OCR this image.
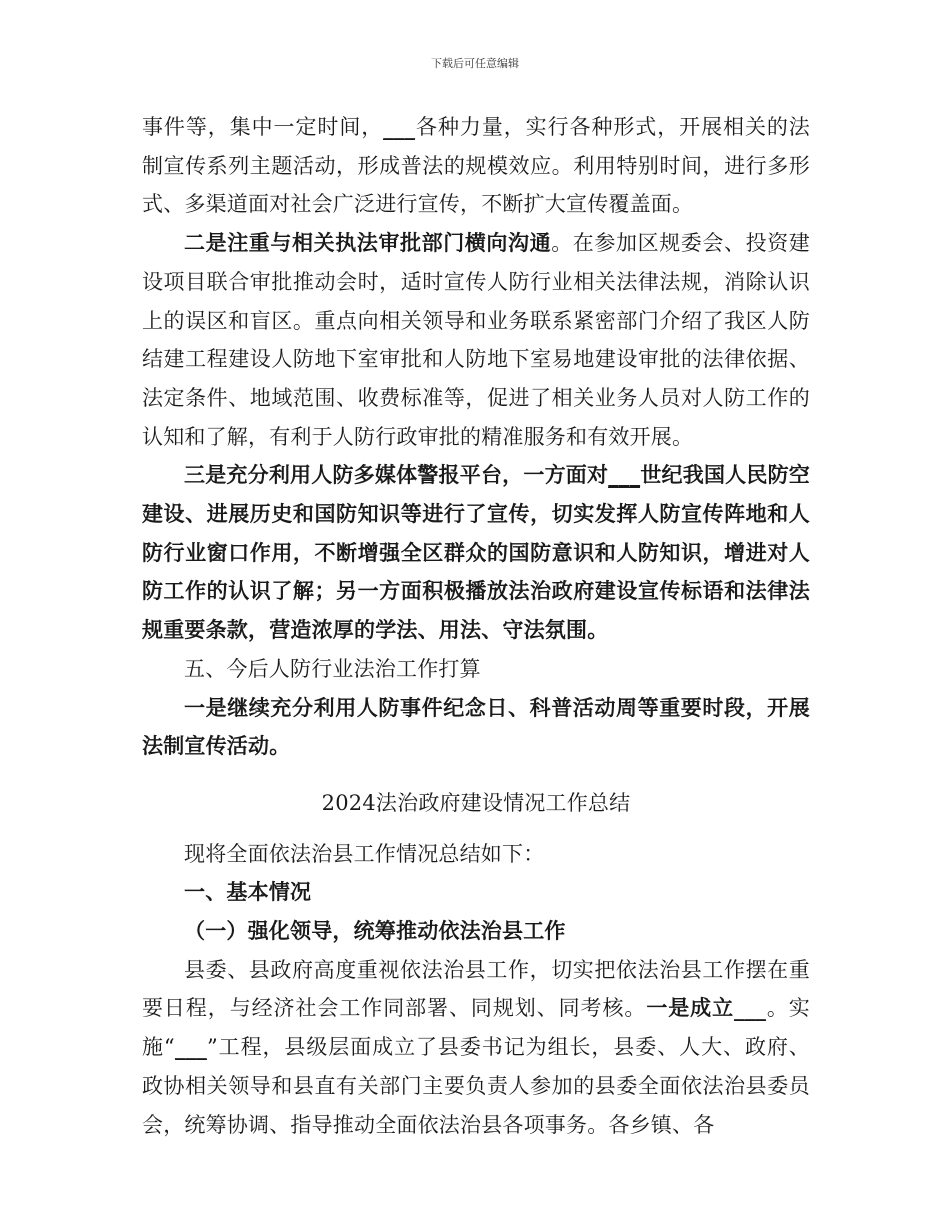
下载后可任意编辑

事件等，集中一定时间，___各种力量，实行各种形式，开展相关的法制宣传系列主题活动，形成普法的规模效应。利用特别时间，进行多形式、多渠道面对社会广泛进行宣传，不断扩大宣传覆盖面。

二是注重与相关执法审批部门横向沟通。在参加区规委会、投资建设项目联合审批推动会时，适时宣传人防行业相关法律法规，消除认识上的误区和盲区。重点向相关领导和业务联系紧密部门介绍了我区人防结建工程建设人防地下室审批和人防地下室易地建设审批的法律依据、法定条件、地域范围、收费标准等，促进了相关业务人员对人防工作的认知和了解，有利于人防行政审批的精准服务和有效开展。

三是充分利用人防多媒体警报平台，一方面对___世纪我国人民防空建设、进展历史和国防知识等进行了宣传，切实发挥人防宣传阵地和人防行业窗口作用，不断增强全区群众的国防意识和人防知识，增进对人防工作的认识了解；另一方面积极播放法治政府建设宣传标语和法律法规重要条款，营造浓厚的学法、用法、守法氛围。

五、今后人防行业法治工作打算

一是继续充分利用人防事件纪念日、科普活动周等重要时段，开展法制宣传活动。

2024法治政府建设情况工作总结

现将全面依法治县工作情况总结如下：

一、基本情况

（一）强化领导，统筹推动依法治县工作

县委、县政府高度重视依法治县工作，切实把依法治县工作摆在重要日程，与经济社会工作同部署、同规划、同考核。一是成立___。实施“___”工程，县级层面成立了县委书记为组长，县委、人大、政府、政协相关领导和县直有关部门主要负责人参加的县委全面依法治县委员会，统筹协调、指导推动全面依法治县各项事务。各乡镇、各
